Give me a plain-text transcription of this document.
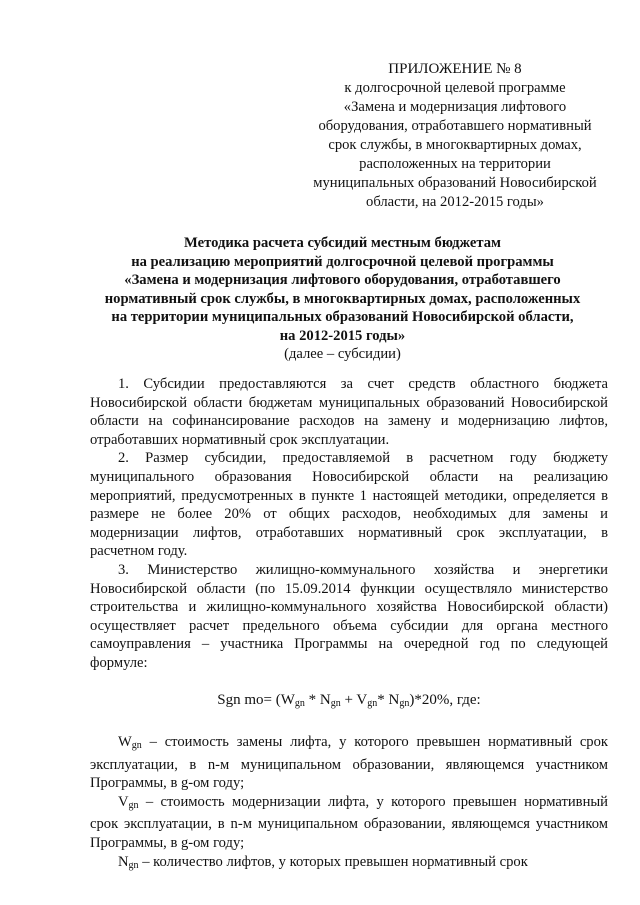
ПРИЛОЖЕНИЕ № 8
к долгосрочной целевой программе
«Замена и модернизация лифтового
оборудования, отработавшего нормативный
срок службы, в многоквартирных домах,
расположенных на территории
муниципальных образований Новосибирской
области, на 2012-2015 годы»
Методика расчета субсидий местным бюджетам
на реализацию мероприятий долгосрочной целевой программы
«Замена и модернизация лифтового оборудования, отработавшего
нормативный срок службы, в многоквартирных домах, расположенных
на территории муниципальных образований Новосибирской области,
на 2012-2015 годы»
(далее – субсидии)

1. Субсидии предоставляются за счет средств областного бюджета Новосибирской области бюджетам муниципальных образований Новосибирской области на софинансирование расходов на замену и модернизацию лифтов, отработавших нормативный срок эксплуатации.

2. Размер субсидии, предоставляемой в расчетном году бюджету муниципального образования Новосибирской области на реализацию мероприятий, предусмотренных в пункте 1 настоящей методики, определяется в размере не более 20% от общих расходов, необходимых для замены и модернизации лифтов, отработавших нормативный срок эксплуатации, в расчетном году.

3. Министерство жилищно-коммунального хозяйства и энергетики Новосибирской области (по 15.09.2014 функции осуществляло министерство строительства и жилищно-коммунального хозяйства Новосибирской области) осуществляет расчет предельного объема субсидии для органа местного самоуправления – участника Программы на очередной год по следующей формуле:

Sgn $mo= (W_{gn} * N_{gn} + V_{gn}*$ $N_{gn})*20\%$, где:

$W_{gn}$ – стоимость замены лифта, у которого превышен нормативный срок эксплуатации, в n-м муниципальном образовании, являющемся участником Программы, в g-ом году;

$V_{gn}$ – стоимость модернизации лифта, у которого превышен нормативный срок эксплуатации, в n-м муниципальном образовании, являющемся участником Программы, в g-ом году;

$N_{gn}$ – количество лифтов, у которых превышен нормативный срок
